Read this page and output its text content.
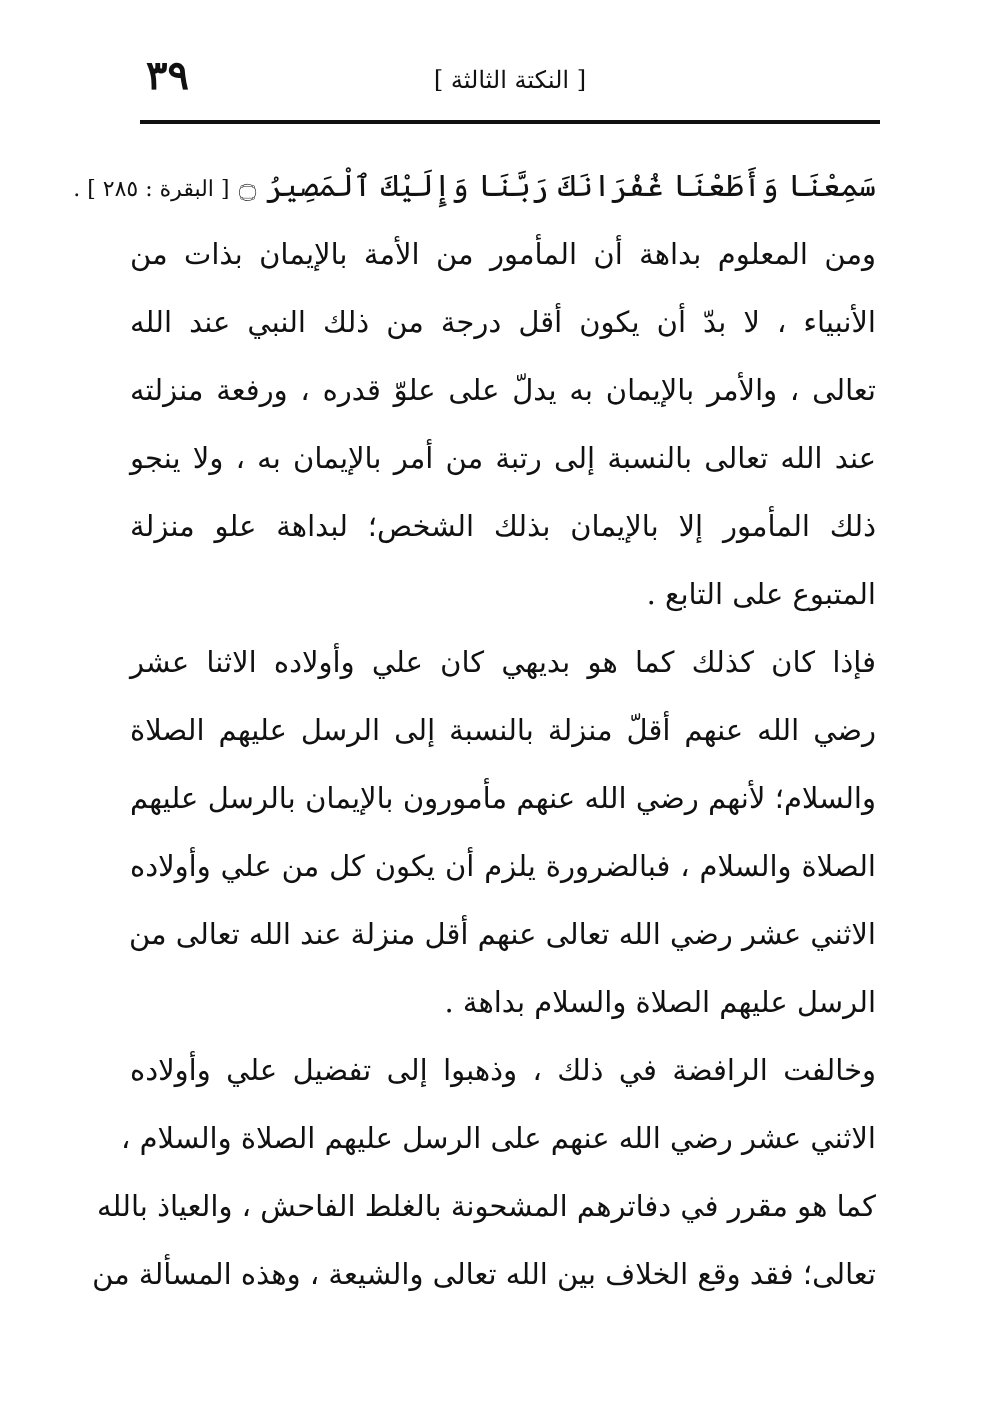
٣٩	[ النكتة الثالثة ]
سَمِعْنَا وَأَطَعْنَا غُفْرَانَكَ رَبَّنَا وَإِلَيْكَ ٱلْمَصِيرُ ۝ [ البقرة : ٢٨٥ ] .
ومن المعلوم بداهة أن المأمور من الأمة بالإيمان بذات من
الأنبياء ، لا بدّ أن يكون أقل درجة من ذلك النبي عند الله
تعالى ، والأمر بالإيمان به يدلّ على علوّ قدره ، ورفعة منزلته
عند الله تعالى بالنسبة إلى رتبة من أمر بالإيمان به ، ولا ينجو
ذلك المأمور إلا بالإيمان بذلك الشخص؛ لبداهة علو منزلة
المتبوع على التابع .
فإذا كان كذلك كما هو بديهي كان علي وأولاده الاثنا عشر
رضي الله عنهم أقلّ منزلة بالنسبة إلى الرسل عليهم الصلاة
والسلام؛ لأنهم رضي الله عنهم مأمورون بالإيمان بالرسل عليهم
الصلاة والسلام ، فبالضرورة يلزم أن يكون كل من علي وأولاده
الاثني عشر رضي الله تعالى عنهم أقل منزلة عند الله تعالى من
الرسل عليهم الصلاة والسلام بداهة .
وخالفت الرافضة في ذلك ، وذهبوا إلى تفضيل علي وأولاده
الاثني عشر رضي الله عنهم على الرسل عليهم الصلاة والسلام ،
كما هو مقرر في دفاترهم المشحونة بالغلط الفاحش ، والعياذ بالله
تعالى؛ فقد وقع الخلاف بين الله تعالى والشيعة ، وهذه المسألة من
